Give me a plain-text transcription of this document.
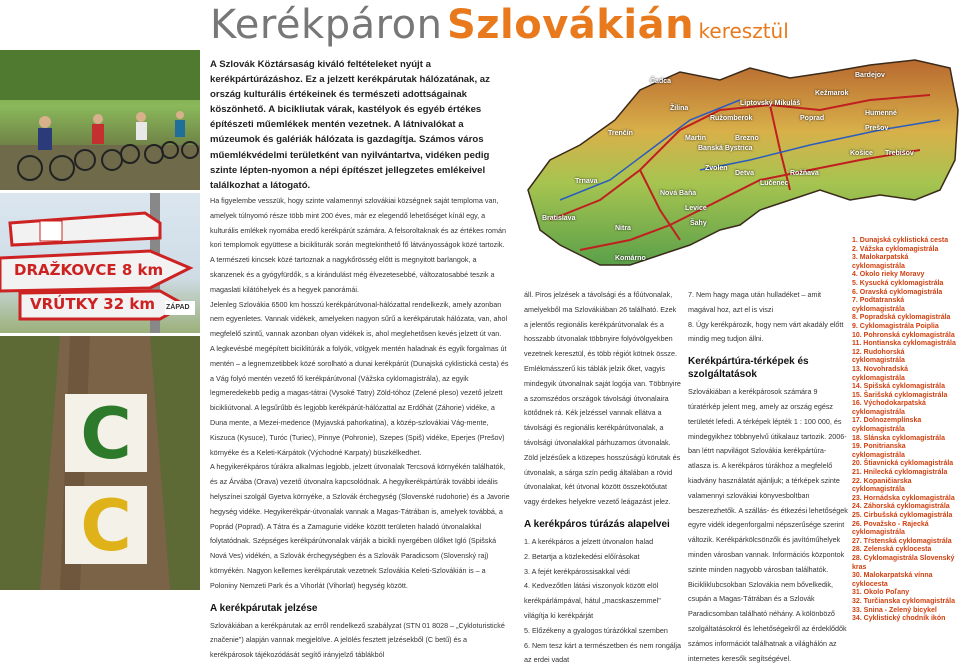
Kerékpáron Szlovákián keresztül
DRAŽKOVCE 8 km
VRÚTKY 32 km ZÁPAD
C
C

A Szlovák Köztársaság kiváló feltételeket nyújt a kerékpártúrázáshoz. Ez a jelzett kerékpárutak hálózatának, az ország kulturális értékeinek és természeti adottságainak köszönhető. A bicikliutak várak, kastélyok és egyéb értékes építészeti műemlékek mentén vezetnek. A látnivalókat a múzeumok és galériák hálózata is gazdagítja. Számos város műemlékvédelmi területként van nyilvántartva, vidéken pedig szinte lépten-nyomon a népi építészet jellegzetes emlékeivel találkozhat a látogató.

Bratislava
Trnava
Nitra
Komárno
Levice
Žilina
Martin
Banská Bystrica
Zvolen
Poprad
Prešov
Košice Trebišov
Humenné
Bardejov
Lučenec
Rožňava
Trenčín
Liptovský Mikuláš
Kežmarok
Nová Baňa
Šahy
Čadca
Ružomberok
Brezno
Detva

Ha figyelembe vesszük, hogy szinte valamennyi szlovákiai községnek saját temploma van, amelyek túlnyomó része több mint 200 éves, már ez elegendő lehetőséget kínál egy, a kulturális emlékek nyomába eredő kerékpárút számára. A felsoroltaknak és az értékes román kori templomok együttese a bicikliturák során megtekinthető fő látványosságok közé tartozik. A természeti kincsek közé tartoznak a nagykőrösség előtt is megnyitott barlangok, a skanzenek és a gyógyfürdők, s a kirándulást még élvezetesebbé, változatosabbé teszik a magaslati kilátóhelyek és a hegyek panorámái.

Jelenleg Szlovákia 6500 km hosszú kerékpárútvonal-hálózattal rendelkezik, amely azonban nem egyenletes. Vannak vidékek, amelyeken nagyon sűrű a kerékpárutak hálózata, van, ahol megfelelő szintű, vannak azonban olyan vidékek is, ahol meglehetősen kevés jelzett út van.

A legkevésbé megépített biciklitúrák a folyók, völgyek mentén haladnak és egyik forgalmas út mentén – a legnemzetibbek közé sorolható a dunai kerékpárút (Dunajská cyklistická cesta) és a Vág folyó mentén vezető fő kerékpárútvonal (Vážska cyklomagistrála), az egyik legmeredekebb pedig a magas-tátrai (Vysoké Tatry) Zöld-tóhoz (Zelené pleso) vezető jelzett bicikliútvonal. A legsűrűbb és legjobb kerékpárút-hálózattal az Erdőhát (Záhorie) vidéke, a Duna mente, a Mezei-medence (Myjavská pahorkatina), a közép-szlovákiai Vág-mente, Kiszuca (Kysuce), Turóc (Turiec), Pinnye (Pohronie), Szepes (Spiš) vidéke, Eperjes (Prešov) környéke és a Keleti-Kárpátok (Východné Karpaty) büszkélkedhet.

A hegyikerékpáros túrákra alkalmas legjobb, jelzett útvonalak Tercsová környékén találhatók, és az Árvába (Orava) vezető útvonalra kapcsolódnak. A hegyikerékpártúrák további ideális helyszínei szolgál Gyetva környéke, a Szlovák érchegység (Slovenské rudohorie) és a Javorie hegység vidéke. Hegyikerékpár-útvonalak vannak a Magas-Tátrában is, amelyek továbbá, a Poprád (Poprad). A Tátra és a Zamagurie vidéke között területen haladó útvonalakkal folytatódnak. Szépséges kerékpárútvonalak várják a bicikli nyergében ülőket Igló (Spišská Nová Ves) vidékén, a Szlovák érchegységben és a Szlovák Paradicsom (Slovenský raj) környékén. Nagyon kellemes kerékpárutak vezetnek Szlovákia Keleti-Szlovákián is – a Poloniny Nemzeti Park és a Vihorlát (Vihorlat) hegység között.

A kerékpárutak jelzése

Szlovákiában a kerékpárutak az erről rendelkező szabályzat (STN 01 8028 – „Cykloturistické značenie") alapján vannak megjelölve. A jelölés fesztett jelzésekből (C betű) és a kerékpárosok tájékozódását segítő irányjelző táblákból

áll. Piros jelzések a távolsági és a főútvonalak, amelyekből ma Szlovákiában 26 található. Ezek a jelentős regionális kerékpárútvonalak és a hosszabb útvonalak többnyire folyóvölgyekben vezetnek keresztül, és több régiót kötnek össze. Emlékmásszerű kis táblák jelzik őket, vagyis mindegyik útvonalnak saját logója van. Többnyire a szomszédos országok távolsági útvonalaira kötődnek rá. Kék jelzéssel vannak ellátva a távolsági és regionális kerékpárútvonalak, a távolsági útvonalakkal párhuzamos útvonalak. Zöld jelzésűek a közepes hosszúságú körutak és útvonalak, a sárga szín pedig általában a rövid útvonalakat, két útvonal között összekötőutat vagy érdekes helyekre vezető leágazást jelez.

A kerékpáros túrázás alapelvei

1. A kerékpáros a jelzett útvonalon halad

2. Betartja a közlekedési előírásokat

3. A fejét kerékpárossisakkal védi

4. Kedvezőtlen látási viszonyok között elöl kerékpárlámpával, hátul „macskaszemmel" világítja ki kerékpárját

5. Előzékeny a gyalogos túrázókkal szemben

6. Nem tesz kárt a természetben és nem rongálja az erdei vadat

7. Nem hagy maga után hulladéket – amit magával hoz, azt el is viszi

8. Úgy kerékpározik, hogy nem várt akadály előtt mindig meg tudjon állni.

Kerékpártúra-térképek és szolgáltatások

Szlovákiában a kerékpárosok számára 9 túratérkép jelent meg, amely az ország egész területét lefedi. A térképek lépték 1 : 100 000, és mindegyikhez többnyelvű útikalauz tartozik. 2006-ban létrt napvilágot Szlovákia kerékpártúra-atlasza is. A kerékpáros túrákhoz a megfelelő kiadvány használatát ajánljuk; a térképek szinte valamennyi szlovákiai könyvesboltban beszerezhetők. A szállás- és étkezési lehetőségek egyre vidék idegenforgalmi népszerűsége szerint változik. Kerékpárkölcsönzők és javítóműhelyek minden városban vannak. Információs központok szinte minden nagyobb városban találhatók. Bicikliklubcsokban Szlovákia nem bővelkedik, csupán a Magas-Tátrában és a Szlovák Paradicsomban található néhány. A kölönböző szolgáltatásokról és lehetőségekről az érdeklődők számos információt találhatnak a világhálón az internetes keresők segítségével.

1. Dunajská cyklistická cesta
2. Vážska cyklomagistrála
3. Malokarpatská cyklomagistrála
4. Okolo rieky Moravy
5. Kysucká cyklomagistrála
6. Oravská cyklomagistrála
7. Podtatranská cyklomagistrála
8. Popradská cyklomagistrála
9. Cyklomagistrála Poiplia
10. Pohronská cyklomagistrála
11. Hontianska cyklomagistrála
12. Rudohorská cyklomagistrála
13. Novohradská cyklomagistrála
14. Spišská cyklomagistrála
15. Šarišská cyklomagistrála
16. Východokarpatská cyklomagistrála
17. Dolnozemplínska cyklomagistrála
18. Slánska cyklomagistrála
19. Ponitrianska cyklomagistrála
20. Štiavnická cyklomagistrála
21. Hnilecká cyklomagistrála
22. Kopaničiarska cyklomagistrála
23. Hornádska cyklomagistrála
24. Záhorská cyklomagistrála
25. Cirbušská cyklomagistrála
26. Považsko - Rajecká cyklomagistrála
27. Tŕstenská cyklomagistrála
28. Zelenská cyklocesta
28. Cyklomagistrála Slovenský kras
30. Malokarpatská vínna cyklocesta
31. Okolo Poľany
32. Turčianska cyklomagistrála
33. Snina - Zelený bicykel
34. Cyklistický chodník ikón
